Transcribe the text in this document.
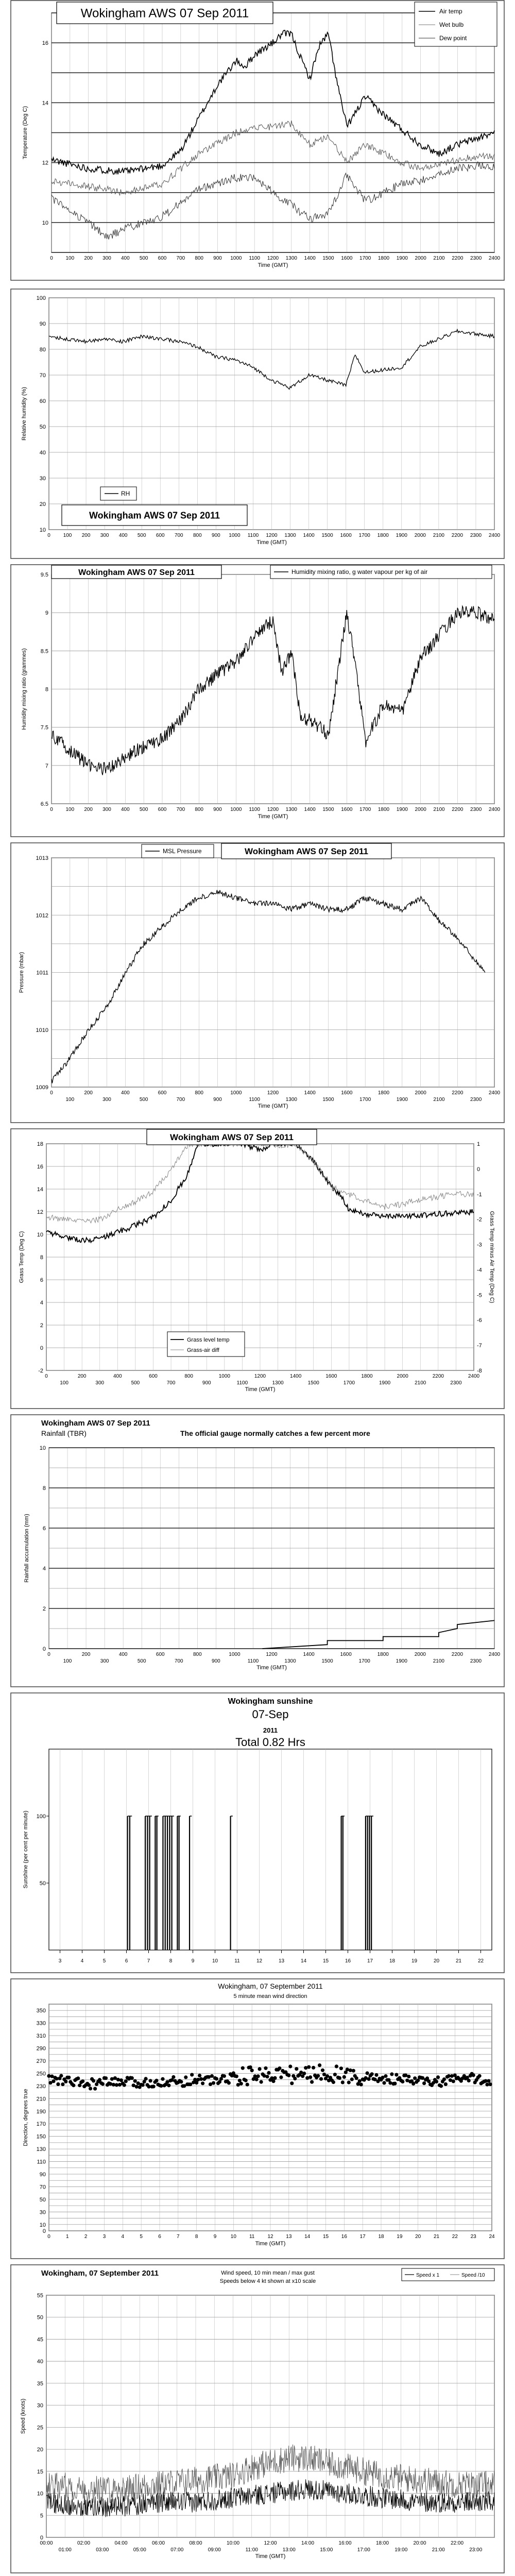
10
12
14
16
0 100 200 300 400 500 600 700 800 900 1000 1100 1200 1300 1400 1500 1600 1700 1800 1900 2000 2100 2200 2300 2400
Time (GMT)
Temperature (Deg C)
Wokingham AWS 07 Sep 2011	Air temp
Wet bulb
Dew point
10
20
30
40
50
60
70
80
90
100
0 100 200 300 400 500 600 700 800 900 1000 1100 1200 1300 1400 1500 1600 1700 1800 1900 2000 2100 2200 2300 2400
Time (GMT)
Relative humidity (%)
RH
Wokingham AWS 07 Sep 2011
6.5
7
7.5
8
8.5
9
9.5
0 100 200 300 400 500 600 700 800 900 1000 1100 1200 1300 1400 1500 1600 1700 1800 1900 2000 2100 2200 2300 2400
Time (GMT)
Humidity mixing ratio (grammes)
Wokingham AWS 07 Sep 2011	Humidity mixing ratio, g water vapour per kg of air
1009
1010
1011
1012
1013
0	200	400	600	800	1000	1200	1400	1600	1800	2000	2200	2400
100	300	500	700	900	1100	1300	1500	1700	1900	2100	2300
Time (GMT)
Pressure (mbar)
MSL Pressure	Wokingham AWS 07 Sep 2011
-2
0
2
4
6
8
10
12
14
16
18
-8
-7
-6
-5
-4
-3
-2
-1
0
1
0	200	400	600	800	1000	1200	1400	1600	1800	2000	2200	2400
100	300	500	700	900	1100	1300	1500	1700	1900	2100	2300
Time (GMT)
Grass Temp (Deg C)	Grass Temp minus Air Temp (Deg C)
Wokingham AWS 07 Sep 2011
Grass level temp
Grass-air diff
0
2
4
6
8
10
0	200	400	600	800	1000	1200	1400	1600	1800	2000	2200	2400
100	300	500	700	900	1100	1300	1500	1700	1900	2100	2300
Time (GMT)
Rainfall accumulation (mm)
Wokingham AWS 07 Sep 2011
Rainfall (TBR)	The official gauge normally catches a few percent more
3	4	5	6	7	8	9	10	11	12	13	14	15	16	17	18	19	20	21	22
50
100
Sunshine (per cent per minute)
Wokingham sunshine
07-Sep
2011
Total 0.82 Hrs
0
10
30
50
70
90
110
130
150
170
190
210
230
250
270
290
310
330
350
0	1	2	3	4	5	6	7	8	9	10	11	12 13 14 15 16 17 18 19 20 21 22 23 24
Time (GMT)
Direction, degrees true
Wokingham, 07 September 2011
5 minute mean wind direction
0
5
10
15
20
25
30
35
40
45
50
55
00:00	02:00	04:00	06:00	08:00	10:00	12:00	14:00	16:00	18:00	20:00	22:00
01:00	03:00	05:00	07:00	09:00	11:00	13:00	15:00	17:00	19:00	21:00	23:00
Time (GMT)
Speed (knots)
Wokingham, 07 September 2011	Wind speed, 10 min mean / max gust
Speeds below 4 kt shown at x10 scale
Speed x 1	Speed /10
